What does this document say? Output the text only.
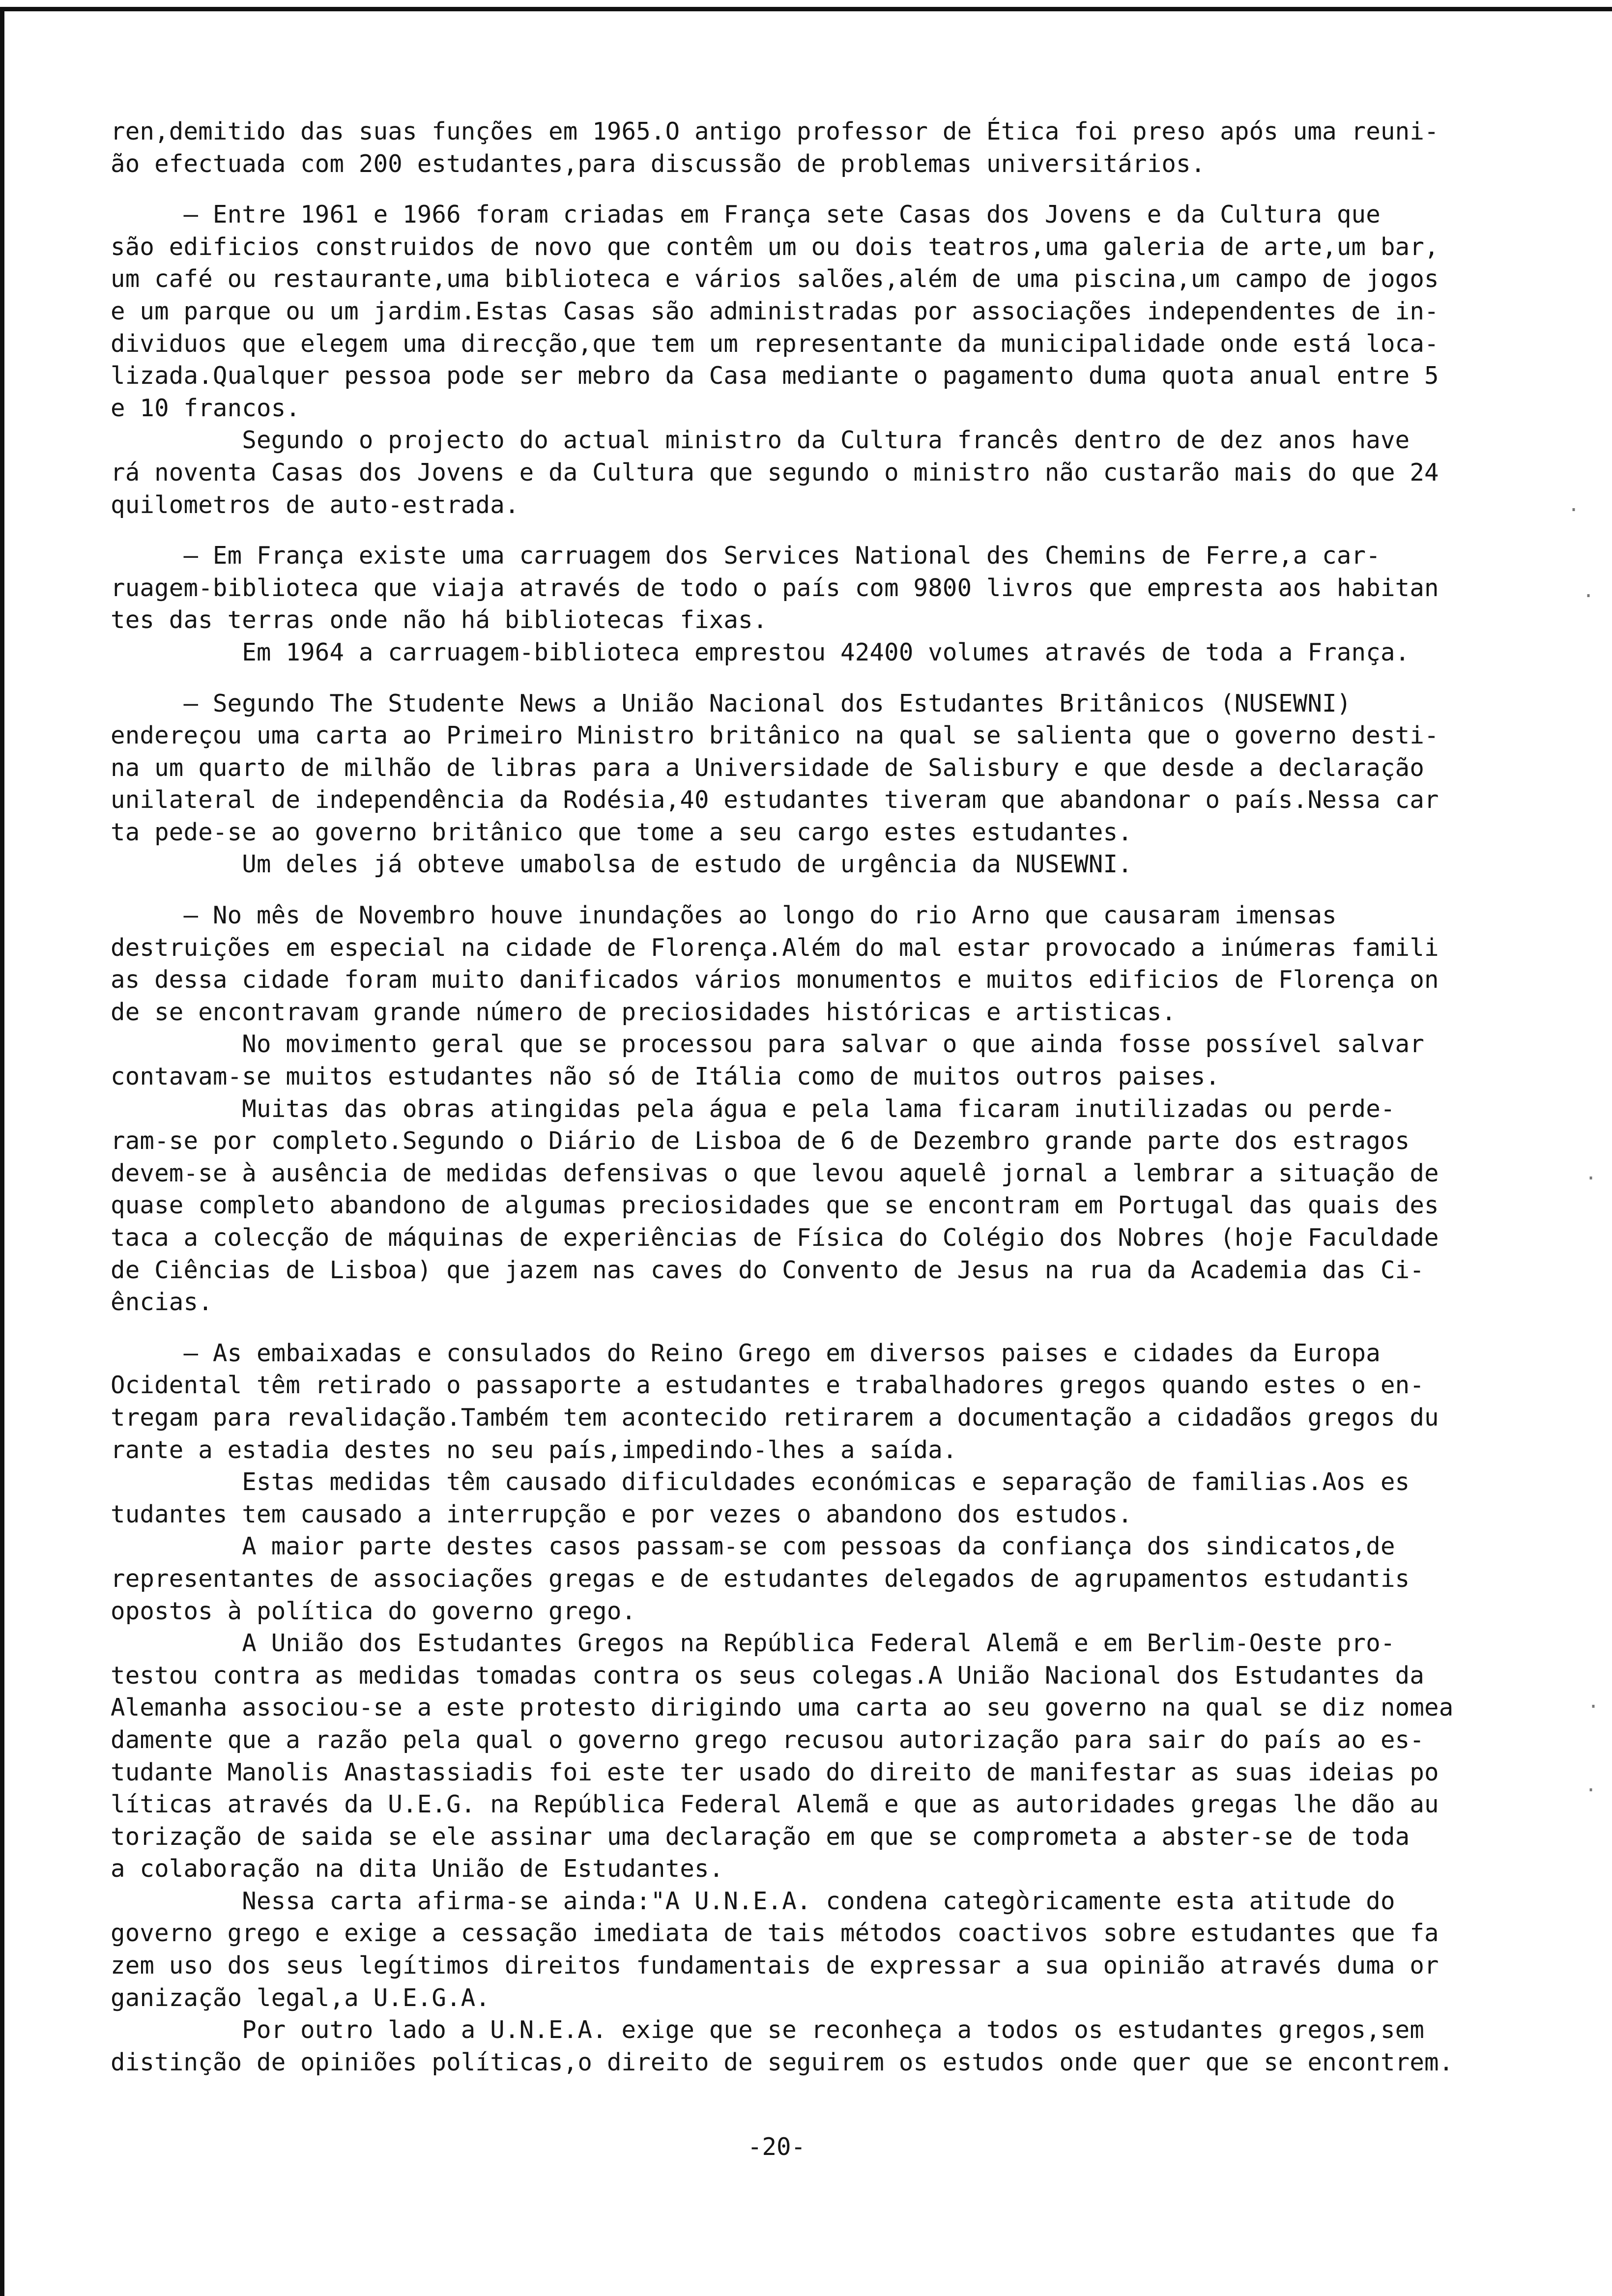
ren,demitido das suas funções em 1965.O antigo professor de Ética foi preso após uma reuni-
ão efectuada com 200 estudantes,para discussão de problemas universitários.
— Entre 1961 e 1966 foram criadas em França sete Casas dos Jovens e da Cultura que
são edificios construidos de novo que contêm um ou dois teatros,uma galeria de arte,um bar,
um café ou restaurante,uma biblioteca e vários salões,além de uma piscina,um campo de jogos
e um parque ou um jardim.Estas Casas são administradas por associações independentes de in-
dividuos que elegem uma direcção,que tem um representante da municipalidade onde está loca-
lizada.Qualquer pessoa pode ser mebro da Casa mediante o pagamento duma quota anual entre 5
e 10 francos.
Segundo o projecto do actual ministro da Cultura francês dentro de dez anos have
rá noventa Casas dos Jovens e da Cultura que segundo o ministro não custarão mais do que 24
quilometros de auto-estrada.
— Em França existe uma carruagem dos Services National des Chemins de Ferre,a car-
ruagem-biblioteca que viaja através de todo o país com 9800 livros que empresta aos habitan
tes das terras onde não há bibliotecas fixas.
Em 1964 a carruagem-biblioteca emprestou 42400 volumes através de toda a França.
— Segundo The Studente News a União Nacional dos Estudantes Britânicos (NUSEWNI)
endereçou uma carta ao Primeiro Ministro britânico na qual se salienta que o governo desti-
na um quarto de milhão de libras para a Universidade de Salisbury e que desde a declaração
unilateral de independência da Rodésia,40 estudantes tiveram que abandonar o país.Nessa car
ta pede-se ao governo britânico que tome a seu cargo estes estudantes.
Um deles já obteve umabolsa de estudo de urgência da NUSEWNI.
— No mês de Novembro houve inundações ao longo do rio Arno que causaram imensas
destruições em especial na cidade de Florença.Além do mal estar provocado a inúmeras famili
as dessa cidade foram muito danificados vários monumentos e muitos edificios de Florença on
de se encontravam grande número de preciosidades históricas e artisticas.
No movimento geral que se processou para salvar o que ainda fosse possível salvar
contavam-se muitos estudantes não só de Itália como de muitos outros paises.
Muitas das obras atingidas pela água e pela lama ficaram inutilizadas ou perde-
ram-se por completo.Segundo o Diário de Lisboa de 6 de Dezembro grande parte dos estragos
devem-se à ausência de medidas defensivas o que levou aquelê jornal a lembrar a situação de
quase completo abandono de algumas preciosidades que se encontram em Portugal das quais des
taca a colecção de máquinas de experiências de Física do Colégio dos Nobres (hoje Faculdade
de Ciências de Lisboa) que jazem nas caves do Convento de Jesus na rua da Academia das Ci-
ências.
— As embaixadas e consulados do Reino Grego em diversos paises e cidades da Europa
Ocidental têm retirado o passaporte a estudantes e trabalhadores gregos quando estes o en-
tregam para revalidação.Também tem acontecido retirarem a documentação a cidadãos gregos du
rante a estadia destes no seu país,impedindo-lhes a saída.
Estas medidas têm causado dificuldades económicas e separação de familias.Aos es
tudantes tem causado a interrupção e por vezes o abandono dos estudos.
A maior parte destes casos passam-se com pessoas da confiança dos sindicatos,de
representantes de associações gregas e de estudantes delegados de agrupamentos estudantis
opostos à política do governo grego.
A União dos Estudantes Gregos na República Federal Alemã e em Berlim-Oeste pro-
testou contra as medidas tomadas contra os seus colegas.A União Nacional dos Estudantes da
Alemanha associou-se a este protesto dirigindo uma carta ao seu governo na qual se diz nomea
damente que a razão pela qual o governo grego recusou autorização para sair do país ao es-
tudante Manolis Anastassiadis foi este ter usado do direito de manifestar as suas ideias po
líticas através da U.E.G. na República Federal Alemã e que as autoridades gregas lhe dão au
torização de saida se ele assinar uma declaração em que se comprometa a abster-se de toda
a colaboração na dita União de Estudantes.
Nessa carta afirma-se ainda:"A U.N.E.A. condena categòricamente esta atitude do
governo grego e exige a cessação imediata de tais métodos coactivos sobre estudantes que fa
zem uso dos seus legítimos direitos fundamentais de expressar a sua opinião através duma or
ganização legal,a U.E.G.A.
Por outro lado a U.N.E.A. exige que se reconheça a todos os estudantes gregos,sem
distinção de opiniões políticas,o direito de seguirem os estudos onde quer que se encontrem.
-20-
·
·
·
·
·
